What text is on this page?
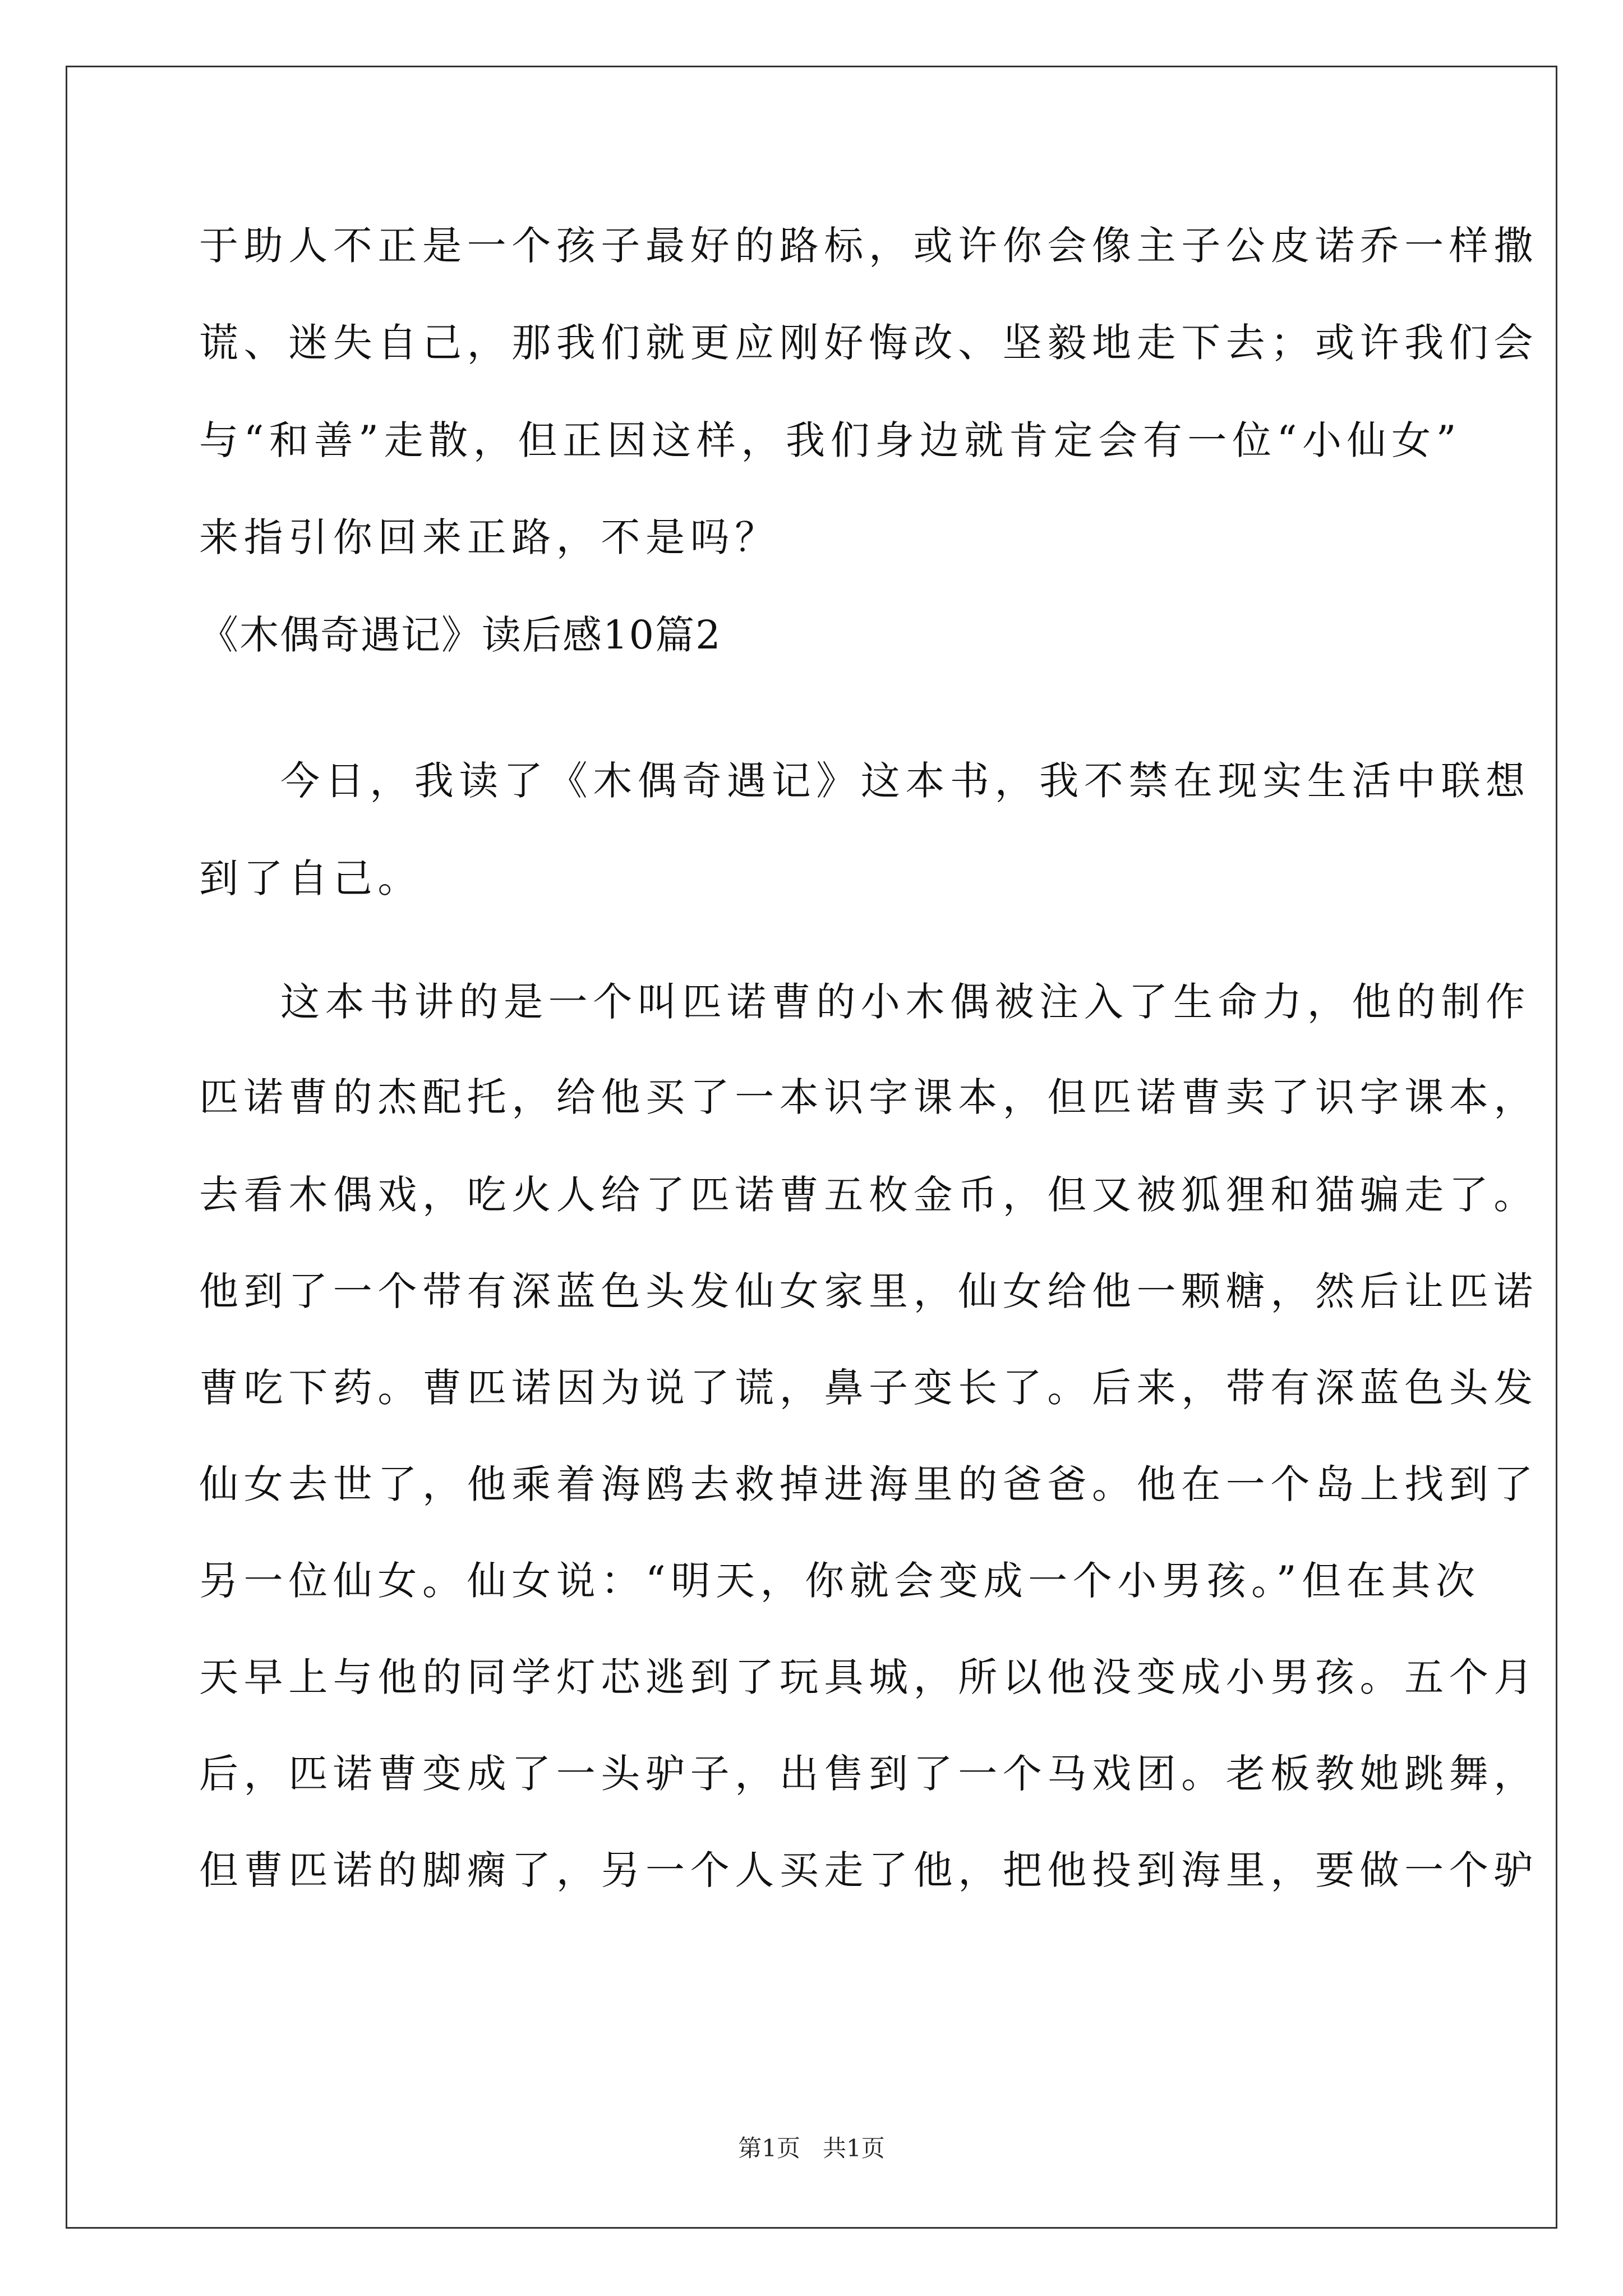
于助人不正是一个孩子最好的路标，或许你会像主子公皮诺乔一样撒
谎、迷失自己，那我们就更应刚好悔改、坚毅地走下去；或许我们会
与“和善”走散，但正因这样，我们身边就肯定会有一位“小仙女”
来指引你回来正路，不是吗？
《木偶奇遇记》读后感10篇2
今日，我读了《木偶奇遇记》这本书，我不禁在现实生活中联想
到了自己。
这本书讲的是一个叫匹诺曹的小木偶被注入了生命力，他的制作
匹诺曹的杰配托，给他买了一本识字课本，但匹诺曹卖了识字课本，
去看木偶戏，吃火人给了匹诺曹五枚金币，但又被狐狸和猫骗走了。
他到了一个带有深蓝色头发仙女家里，仙女给他一颗糖，然后让匹诺
曹吃下药。曹匹诺因为说了谎，鼻子变长了。后来，带有深蓝色头发
仙女去世了，他乘着海鸥去救掉进海里的爸爸。他在一个岛上找到了
另一位仙女。仙女说：“明天，你就会变成一个小男孩。”但在其次
天早上与他的同学灯芯逃到了玩具城，所以他没变成小男孩。五个月
后，匹诺曹变成了一头驴子，出售到了一个马戏团。老板教她跳舞，
但曹匹诺的脚瘸了，另一个人买走了他，把他投到海里，要做一个驴
第1页   共1页
